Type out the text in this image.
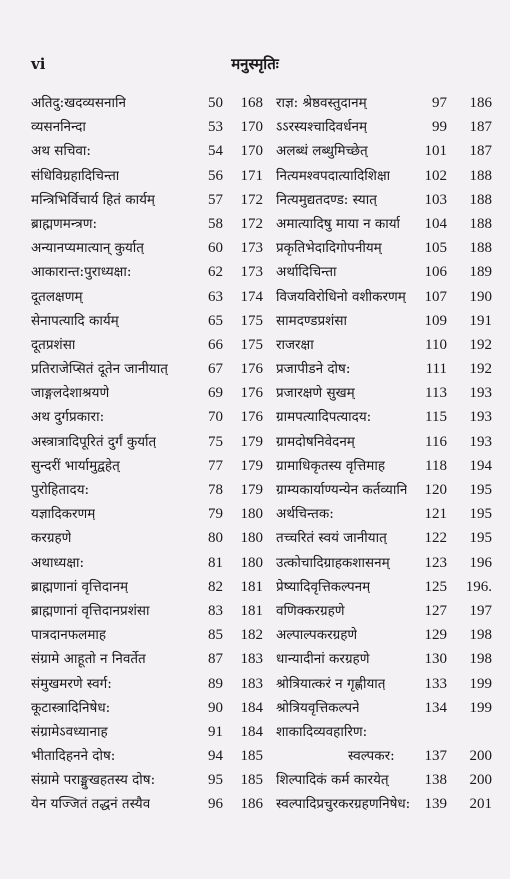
vi	मनुस्मृतिः
अतिदु:खदव्यसनानि	50	168
व्यसननिन्दा	53	170
अथ सचिवा:	54	170
संधिविग्रहादिचिन्ता	56	171
मन्त्रिभिर्विचार्य हितं कार्यम्	57	172
ब्राह्मणमन्त्रण:	58	172
अन्यानप्यमात्यान् कुर्यात्	60	173
आकारान्त:पुराध्यक्षा:	62	173
दूतलक्षणम्	63	174
सेनापत्यादि कार्यम्	65	175
दूतप्रशंसा	66	175
प्रतिराजेप्सितं दूतेन जानीयात्	67	176
जाङ्गलदेशाश्रयणे	69	176
अथ दुर्गप्रकारा:	70	176
अस्त्रात्रादिपूरितं दुर्गं कुर्यात्	75	179
सुन्दरीं भार्यामुद्वहेत्	77	179
पुरोहितादय:	78	179
यज्ञादिकरणम्	79	180
करग्रहणे	80	180
अथाध्यक्षा:	81	180
ब्राह्मणानां वृत्तिदानम्	82	181
ब्राह्मणानां वृत्तिदानप्रशंसा	83	181
पात्रदानफलमाह	85	182
संग्रामे आहूतो न निवर्तेत	87	183
संमुखमरणे स्वर्ग:	89	183
कूटास्त्रादिनिषेध:	90	184
संग्रामेऽवध्यानाह	91	184
भीतादिहनने दोष:	94	185
संग्रामे पराङ्मुखहतस्य दोष:	95	185
येन यज्जितं तद्धनं तस्यैव	96	186
राज्ञ: श्रेष्ठवस्तुदानम्	97	186
ऽऽरस्यश्चादिवर्धनम्	99	187
अलब्धं लब्धुमिच्छेत्	101	187
नित्यमश्वपदात्यादिशिक्षा	102	188
नित्यमुद्यतदण्ड: स्यात्	103	188
अमात्यादिषु माया न कार्या	104	188
प्रकृतिभेदादिगोपनीयम्	105	188
अर्थादिचिन्ता	106	189
विजयविरोधिनो वशीकरणम्	107	190
सामदण्डप्रशंसा	109	191
राजरक्षा	110	192
प्रजापीडने दोष:	111	192
प्रजारक्षणे सुखम्	113	193
ग्रामपत्यादिपत्यादय:	115	193
ग्रामदोषनिवेदनम्	116	193
ग्रामाधिकृतस्य वृत्तिमाह	118	194
ग्राम्यकार्याण्यन्येन कर्तव्यानि	120	195
अर्थचिन्तक:	121	195
तच्चरितं स्वयं जानीयात्	122	195
उत्कोचादिग्राहकशासनम्	123	196
प्रेष्यादिवृत्तिकल्पनम्	125 196.
वणिक्करग्रहणे	127	197
अल्पाल्पकरग्रहणे	129	198
धान्यादीनां करग्रहणे	130	198
श्रोत्रियात्करं न गृह्णीयात्	133	199
श्रोत्रियवृत्तिकल्पने	134	199
शाकादिव्यवहारिण:
स्वल्पकर:	137	200
शिल्पादिकं कर्म कारयेत्	138	200
स्वल्पादिप्रचुरकरग्रहणनिषेध: 139	201
